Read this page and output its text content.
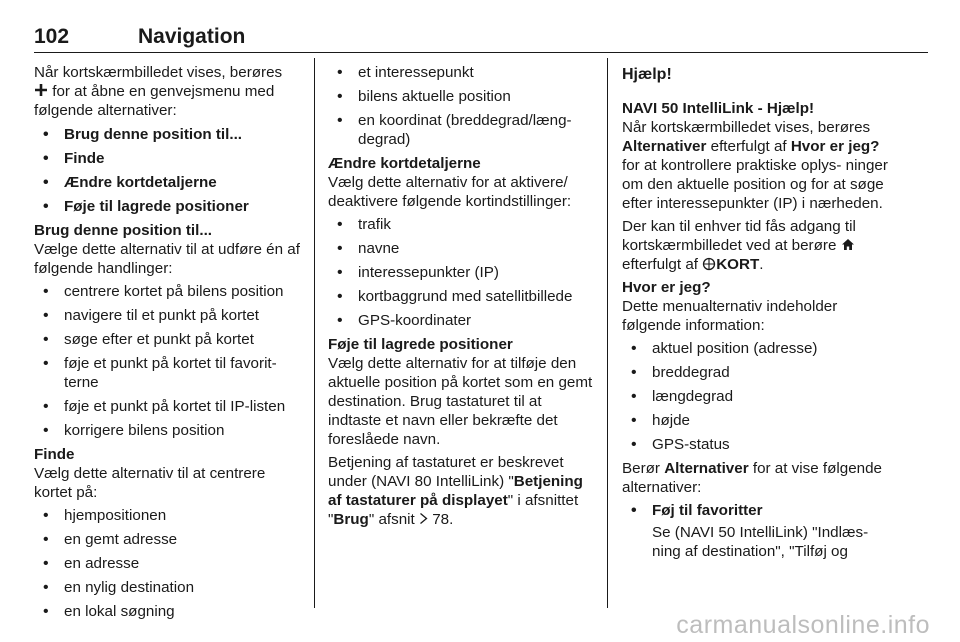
102	Navigation

Når kortskærmbilledet vises, berøres
for at åbne en genvejsmenu med følgende alternativer:

• Brug denne position til...
• Finde
• Ændre kortdetaljerne
• Føje til lagrede positioner

Brug denne position til...

Vælge dette alternativ til at udføre én af følgende handlinger:

• centrere kortet på bilens position
• navigere til et punkt på kortet
• søge efter et punkt på kortet
• føje et punkt på kortet til favorit- terne
• føje et punkt på kortet til IP-listen
• korrigere bilens position

Finde

Vælg dette alternativ til at centrere kortet på:

• hjempositionen
• en gemt adresse
• en adresse
• en nylig destination
• en lokal søgning
• et interessepunkt
• bilens aktuelle position
• en koordinat (breddegrad/læng- degrad)

Ændre kortdetaljerne

Vælg dette alternativ for at aktivere/ deaktivere følgende kortindstillinger:

• trafik
• navne
• interessepunkter (IP)
• kortbaggrund med satellitbillede
• GPS-koordinater

Føje til lagrede positioner

Vælg dette alternativ for at tilføje den aktuelle position på kortet som en gemt destination. Brug tastaturet til at indtaste et navn eller bekræfte det foreslåede navn.

Betjening af tastaturet er beskrevet under (NAVI 80 IntelliLink) "Betjening af tastaturer på displayet" i afsnittet "Brug" afsnit  78.

Hjælp!

NAVI 50 IntelliLink - Hjælp!

Når kortskærmbilledet vises, berøres Alternativer efterfulgt af Hvor er jeg? for at kontrollere praktiske oplys- ninger om den aktuelle position og for at søge efter interessepunkter (IP) i nærheden.

Der kan til enhver tid fås adgang til kortskærmbilledet ved at berøre  efterfulgt af KORT.

Hvor er jeg?

Dette menualternativ indeholder følgende information:

• aktuel position (adresse)
• breddegrad
• længdegrad
• højde
• GPS-status

Berør Alternativer for at vise følgende alternativer:

• Føj til favoritter

Se (NAVI 50 IntelliLink) "Indlæs- ning af destination", "Tilføj og

carmanualsonline.info
